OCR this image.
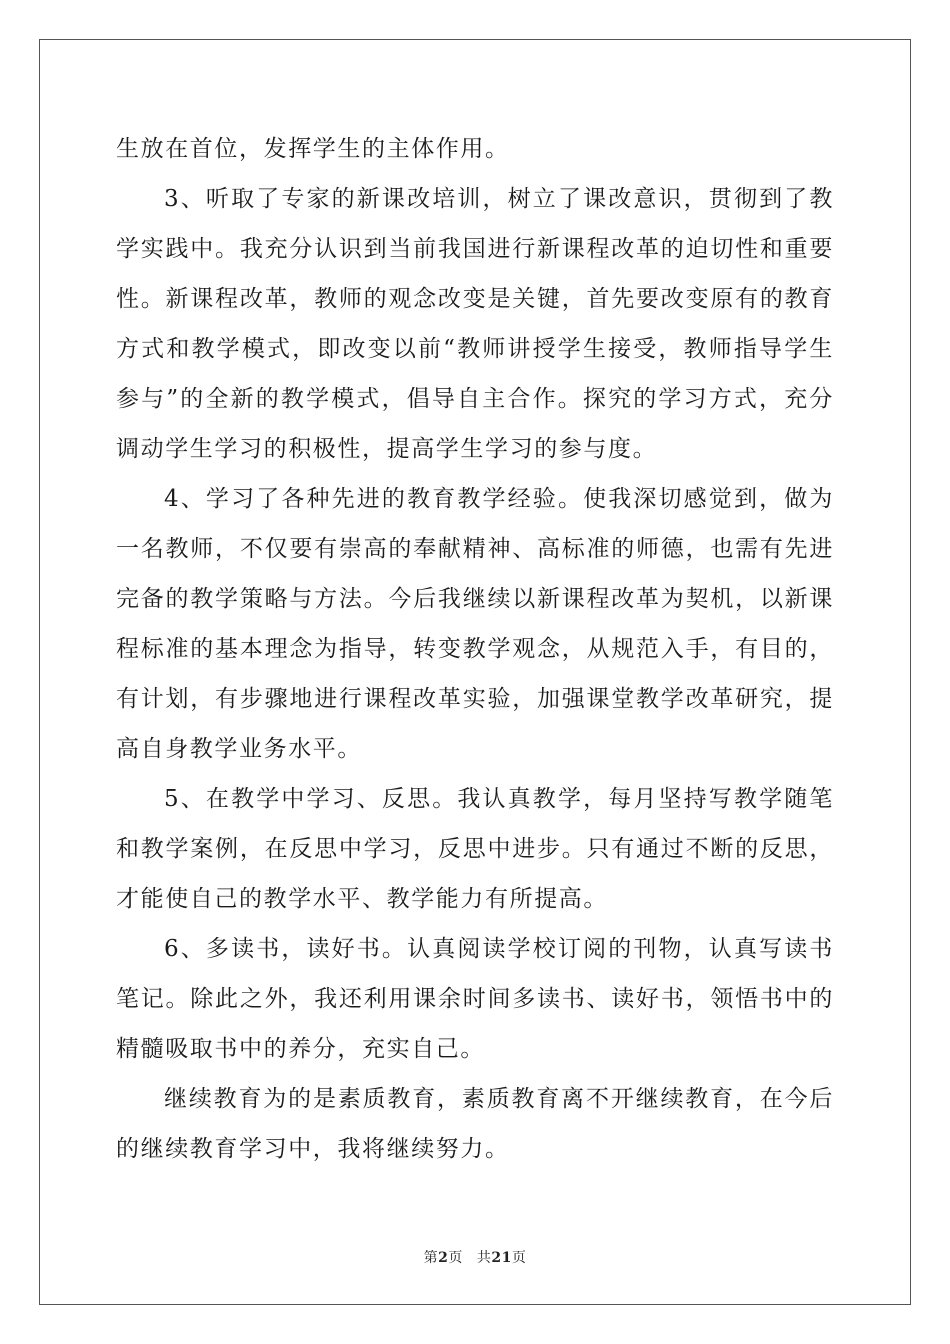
生放在首位，发挥学生的主体作用。

3、听取了专家的新课改培训，树立了课改意识，贯彻到了教学实践中。我充分认识到当前我国进行新课程改革的迫切性和重要性。新课程改革，教师的观念改变是关键，首先要改变原有的教育方式和教学模式，即改变以前“教师讲授学生接受，教师指导学生参与”的全新的教学模式，倡导自主合作。探究的学习方式，充分调动学生学习的积极性，提高学生学习的参与度。

4、学习了各种先进的教育教学经验。使我深切感觉到，做为一名教师，不仅要有崇高的奉献精神、高标准的师德，也需有先进完备的教学策略与方法。今后我继续以新课程改革为契机，以新课程标准的基本理念为指导，转变教学观念，从规范入手，有目的，有计划，有步骤地进行课程改革实验，加强课堂教学改革研究，提高自身教学业务水平。

5、在教学中学习、反思。我认真教学，每月坚持写教学随笔和教学案例，在反思中学习，反思中进步。只有通过不断的反思，才能使自己的教学水平、教学能力有所提高。

6、多读书，读好书。认真阅读学校订阅的刊物，认真写读书笔记。除此之外，我还利用课余时间多读书、读好书，领悟书中的精髓吸取书中的养分，充实自己。

继续教育为的是素质教育，素质教育离不开继续教育，在今后的继续教育学习中，我将继续努力。

第2页 共21页
